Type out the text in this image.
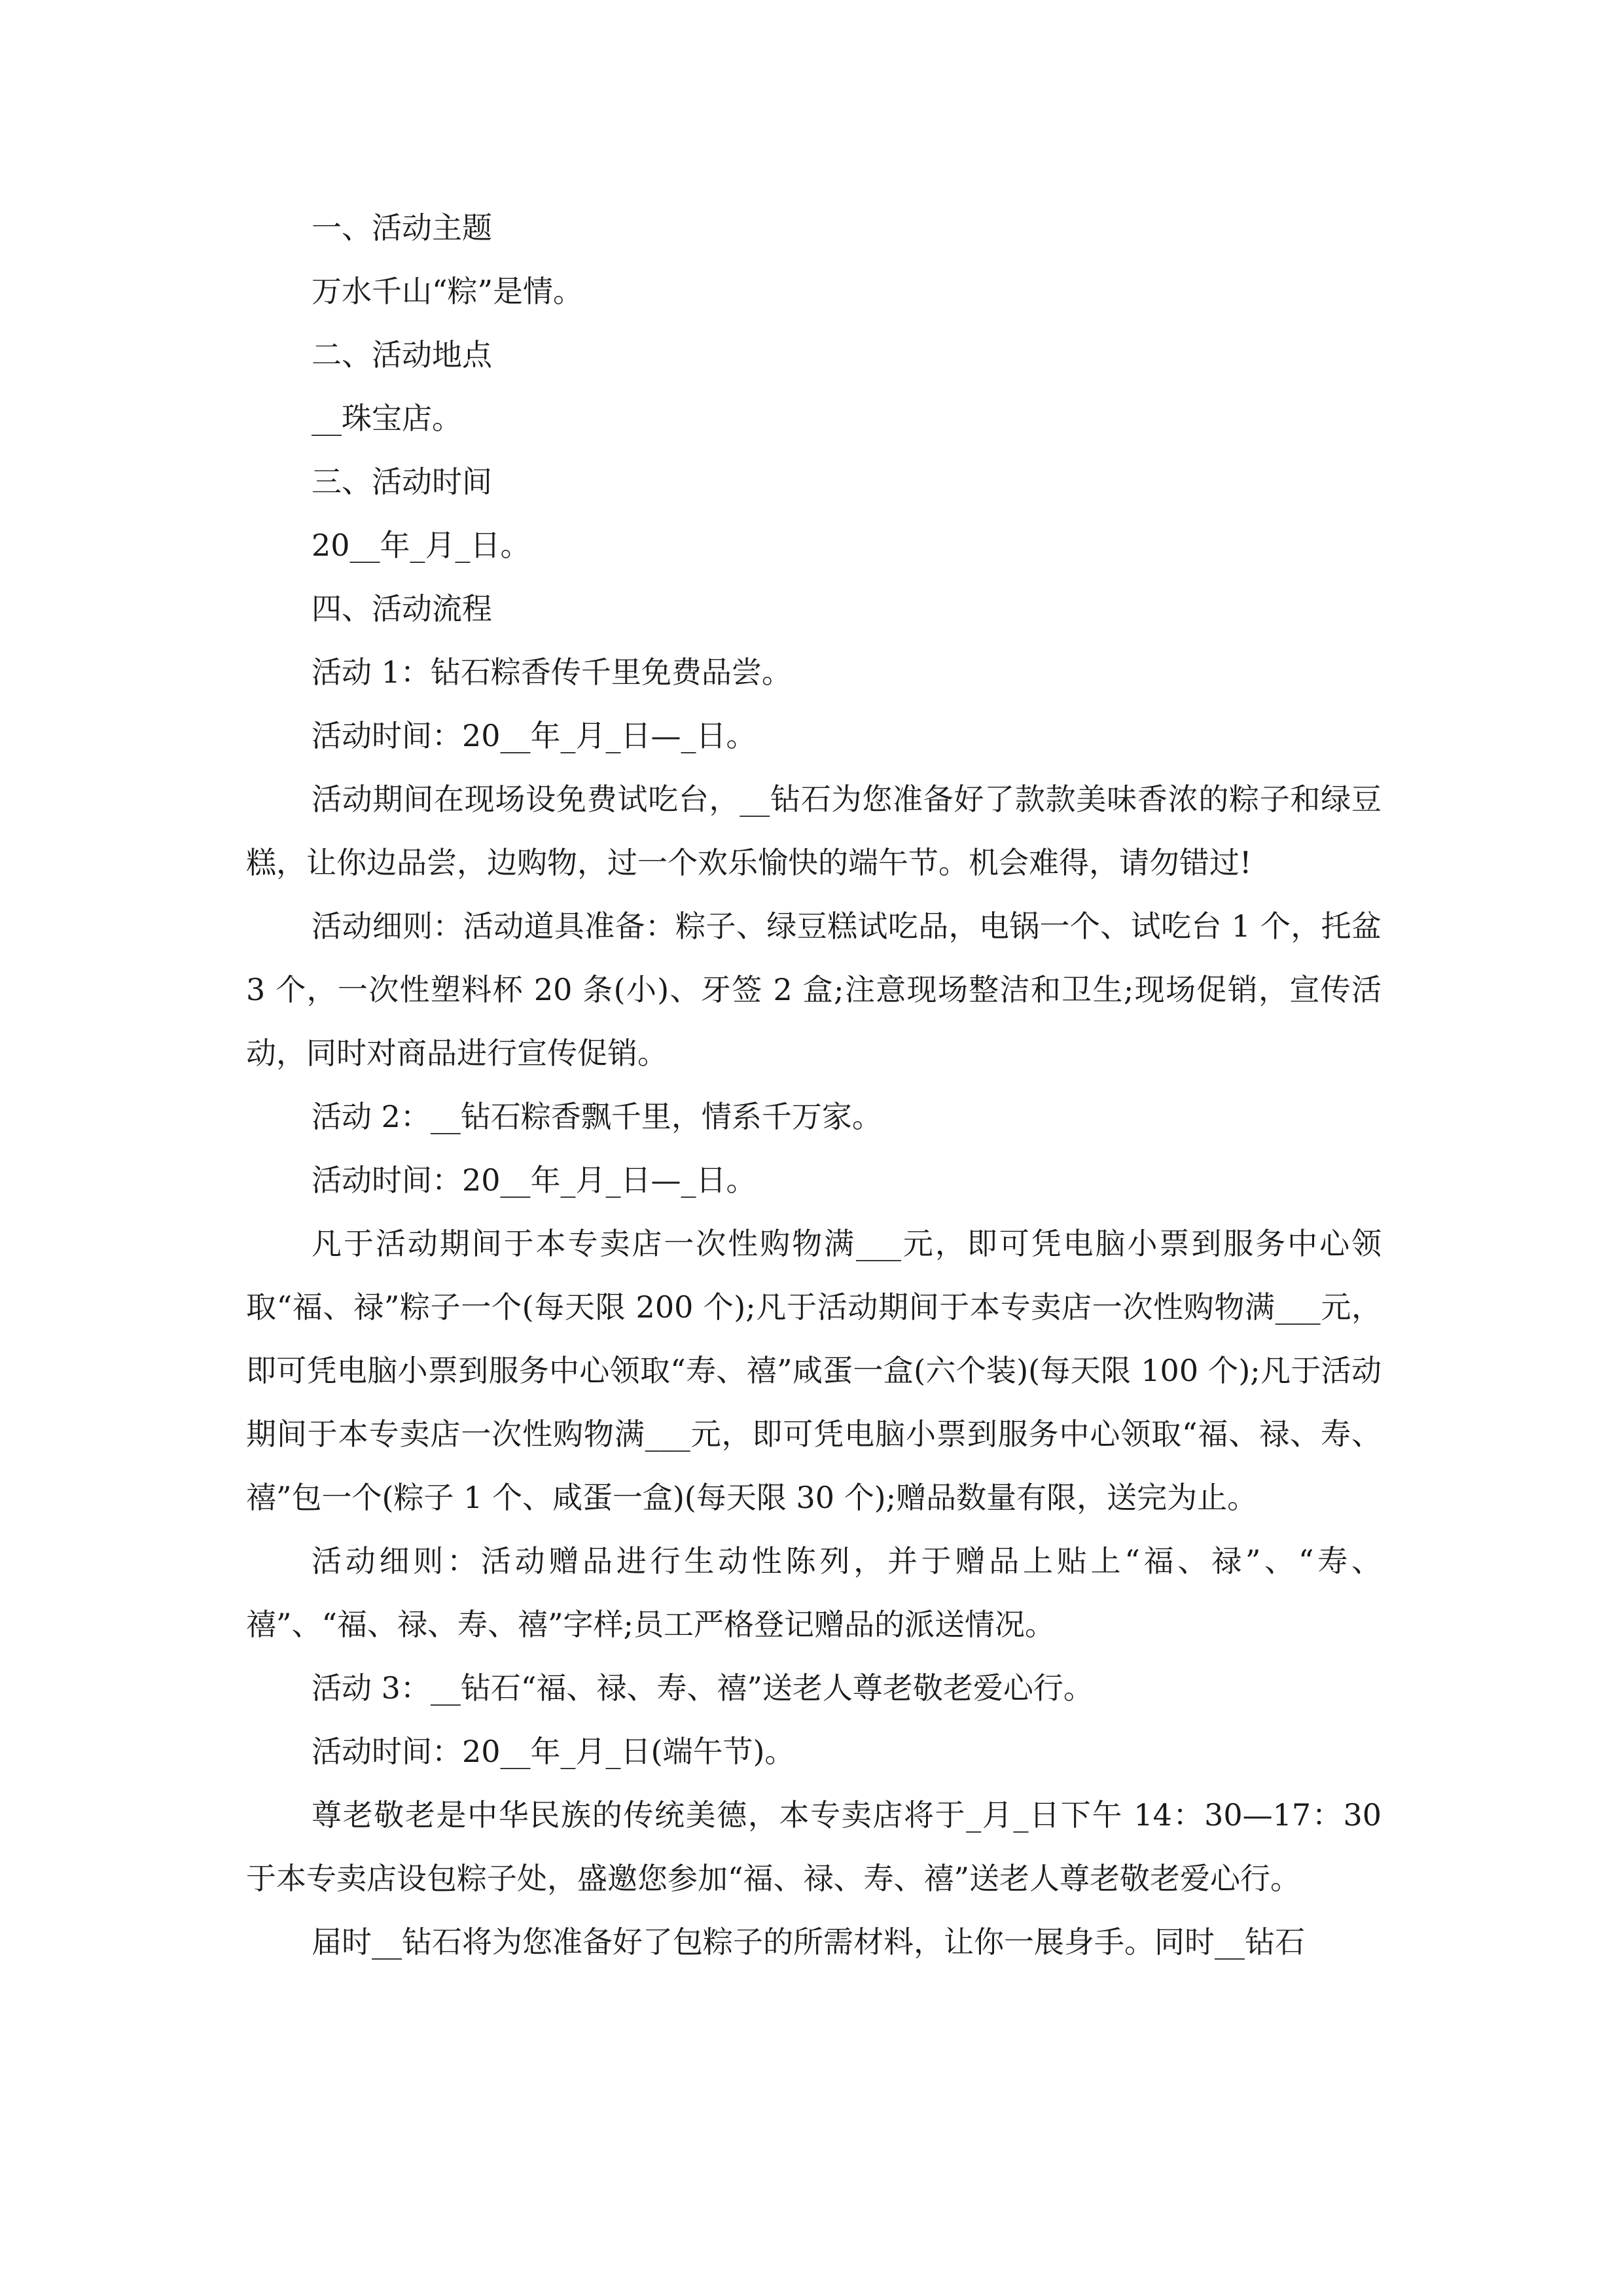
一、活动主题

万水千山“粽”是情。

二、活动地点

__珠宝店。

三、活动时间

20__年_月_日。

四、活动流程

活动 1：钻石粽香传千里免费品尝。

活动时间：20__年_月_日—_日。

活动期间在现场设免费试吃台，__钻石为您准备好了款款美味香浓的粽子和绿豆糕，让你边品尝，边购物，过一个欢乐愉快的端午节。机会难得，请勿错过!

活动细则：活动道具准备：粽子、绿豆糕试吃品，电锅一个、试吃台 1 个，托盆 3 个，一次性塑料杯 20 条(小)、牙签 2 盒;注意现场整洁和卫生;现场促销，宣传活动，同时对商品进行宣传促销。

活动 2：__钻石粽香飘千里，情系千万家。

活动时间：20__年_月_日—_日。

凡于活动期间于本专卖店一次性购物满___元，即可凭电脑小票到服务中心领取“福、禄”粽子一个(每天限 200 个);凡于活动期间于本专卖店一次性购物满___元，即可凭电脑小票到服务中心领取“寿、禧”咸蛋一盒(六个装)(每天限 100 个);凡于活动期间于本专卖店一次性购物满___元，即可凭电脑小票到服务中心领取“福、禄、寿、禧”包一个(粽子 1 个、咸蛋一盒)(每天限 30 个);赠品数量有限，送完为止。

活动细则：活动赠品进行生动性陈列，并于赠品上贴上“福、禄”、“寿、禧”、“福、禄、寿、禧”字样;员工严格登记赠品的派送情况。

活动 3：__钻石“福、禄、寿、禧”送老人尊老敬老爱心行。

活动时间：20__年_月_日(端午节)。

尊老敬老是中华民族的传统美德，本专卖店将于_月_日下午 14：30—17：30 于本专卖店设包粽子处，盛邀您参加“福、禄、寿、禧”送老人尊老敬老爱心行。

届时__钻石将为您准备好了包粽子的所需材料，让你一展身手。同时__钻石
